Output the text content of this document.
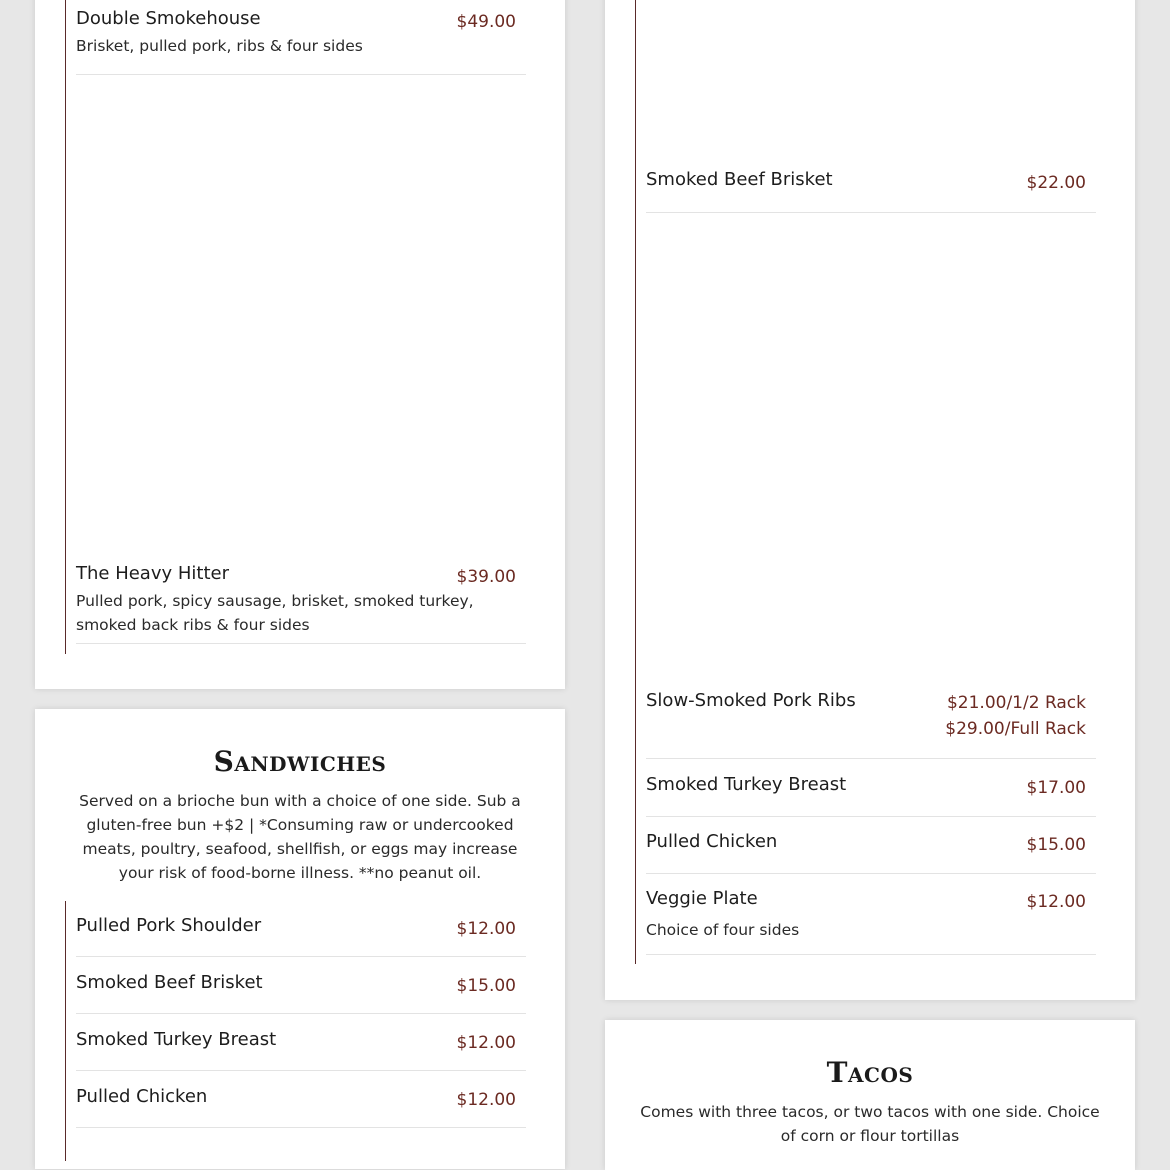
Double Smokehouse	$49.00
Brisket, pulled pork, ribs & four sides
The Heavy Hitter	$39.00
Pulled pork, spicy sausage, brisket, smoked turkey, smoked back ribs & four sides
Sandwiches
Served on a brioche bun with a choice of one side. Sub a gluten-free bun +$2 | *Consuming raw or undercooked meats, poultry, seafood, shellfish, or eggs may increase your risk of food-borne illness. **no peanut oil.
Pulled Pork Shoulder	$12.00
Smoked Beef Brisket	$15.00
Smoked Turkey Breast	$12.00
Pulled Chicken	$12.00
Smoked Beef Brisket	$22.00
Slow-Smoked Pork Ribs	$21.00/1/2 Rack
$29.00/Full Rack
Smoked Turkey Breast	$17.00
Pulled Chicken	$15.00
Veggie Plate	$12.00
Choice of four sides
Tacos
Comes with three tacos, or two tacos with one side. Choice of corn or flour tortillas
